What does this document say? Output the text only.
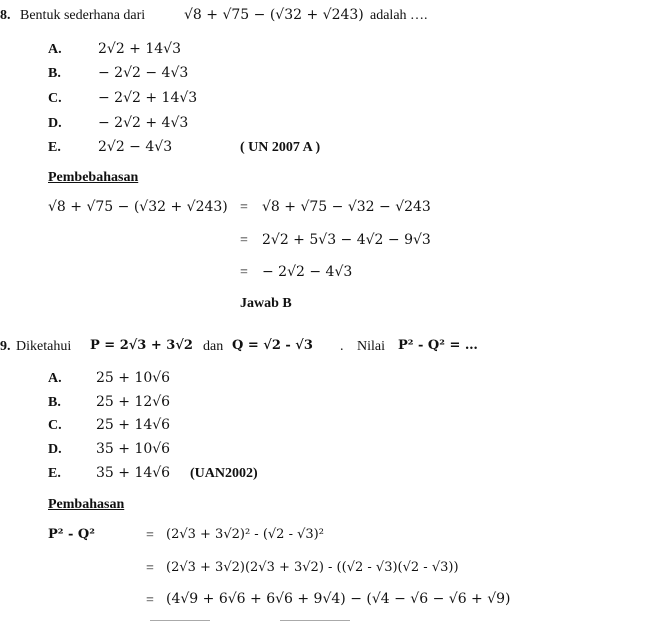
8. Bentuk sederhana dari	√8 + √75 − (√32 + √243) adalah ….
A.	2√2 + 14√3
B.	− 2√2 − 4√3
C.	− 2√2 + 14√3
D.	− 2√2 + 4√3
E.	2√2 − 4√3	( UN 2007 A )
Pembebahasan
√8 + √75 − (√32 + √243) = √8 + √75 − √32 − √243
= 2√2 + 5√3 − 4√2 − 9√3
= − 2√2 − 4√3
Jawab B
9. Diketahui P = 2√3 + 3√2 dan Q = √2 - √3 . Nilai P² - Q² = …
A. 25 + 10√6
B.	25 + 12√6
C. 25 + 14√6
D. 35 + 10√6
E.	35 + 14√6 (UAN2002)
Pembahasan
P² - Q²	= (2√3 + 3√2)² - (√2 - √3)²
= (2√3 + 3√2)(2√3 + 3√2) - ((√2 - √3)(√2 - √3))
= (4√9 + 6√6 + 6√6 + 9√4) − (√4 − √6 − √6 + √9)
